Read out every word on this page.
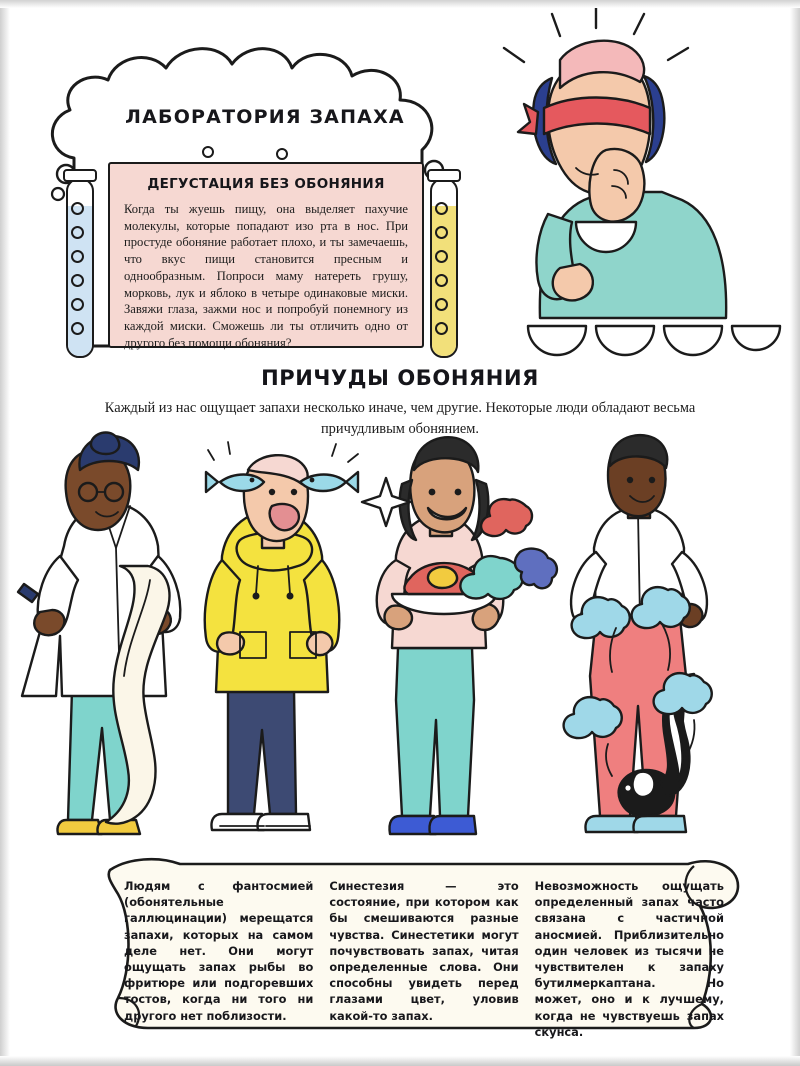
ЛАБОРАТОРИЯ ЗАПАХА
ДЕГУСТАЦИЯ БЕЗ ОБОНЯНИЯ

Когда ты жуешь пищу, она выделяет пахучие молекулы, которые попадают изо рта в нос. При простуде обоняние работает плохо, и ты замечаешь, что вкус пищи становится пресным и однообразным. Попроси маму натереть грушу, морковь, лук и яблоко в четыре одинаковые миски. Завяжи глаза, зажми нос и попробуй понемногу из каждой миски. Сможешь ли ты отличить одно от другого без помощи обоняния?

ПРИЧУДЫ ОБОНЯНИЯ
Каждый из нас ощущает запахи несколько иначе, чем другие. Некоторые люди обладают весьма причудливым обонянием.
Людям с фантосмией (обонятельные галлюцинации) мерещатся запахи, которых на самом деле нет. Они могут ощущать запах рыбы во фритюре или подгоревших тостов, когда ни того ни другого нет поблизости.
Синестезия — это состояние, при котором как бы смешиваются разные чувства. Синестетики могут почувствовать запах, читая определенные слова. Они способны увидеть перед глазами цвет, уловив какой-то запах.
Невозможность ощущать определенный запах часто связана с частичной аносмией. Приблизительно один человек из тысячи не чувствителен к запаху бутилмеркаптана. Но может, оно и к лучшему, когда не чувствуешь запах скунса.
